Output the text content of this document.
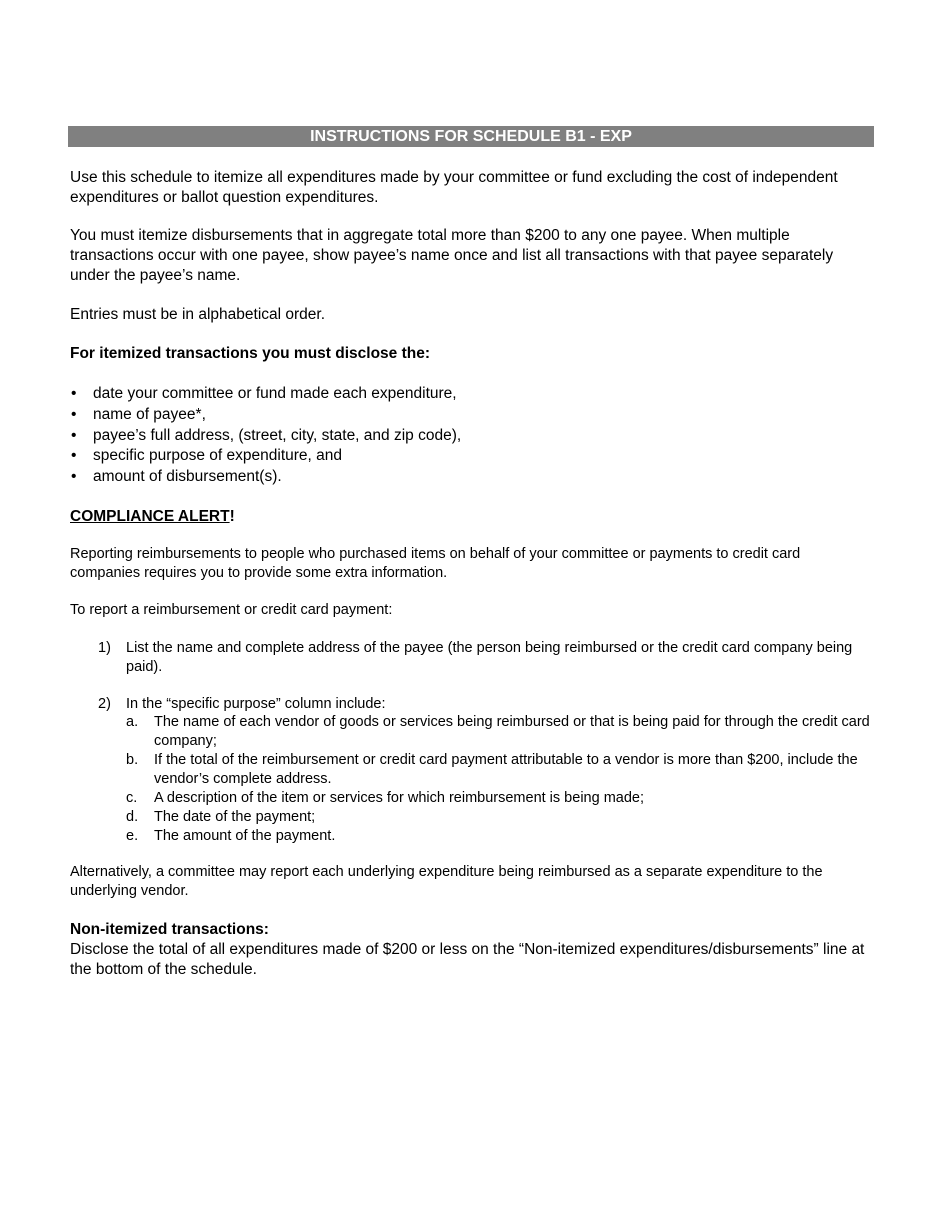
INSTRUCTIONS FOR SCHEDULE B1 - EXP

Use this schedule to itemize all expenditures made by your committee or fund excluding the cost of independent expenditures or ballot question expenditures.

You must itemize disbursements that in aggregate total more than $200 to any one payee. When multiple transactions occur with one payee, show payee’s name once and list all transactions with that payee separately under the payee’s name.

Entries must be in alphabetical order.

For itemized transactions you must disclose the:

• date your committee or fund made each expenditure,
• name of payee*,
• payee’s full address, (street, city, state, and zip code),
• specific purpose of expenditure, and
• amount of disbursement(s).
COMPLIANCE ALERT!

Reporting reimbursements to people who purchased items on behalf of your committee or payments to credit card companies requires you to provide some extra information.

To report a reimbursement or credit card payment:

1) List the name and complete address of the payee (the person being reimbursed or the credit card company being paid).
2) In the “specific purpose” column include:
a. The name of each vendor of goods or services being reimbursed or that is being paid for through the credit card company;
b. If the total of the reimbursement or credit card payment attributable to a vendor is more than $200, include the vendor’s complete address.
c. A description of the item or services for which reimbursement is being made;
d. The date of the payment;
e. The amount of the payment.

Alternatively, a committee may report each underlying expenditure being reimbursed as a separate expenditure to the underlying vendor.

Non-itemized transactions:

Disclose the total of all expenditures made of $200 or less on the “Non-itemized expenditures/disbursements” line at the bottom of the schedule.
